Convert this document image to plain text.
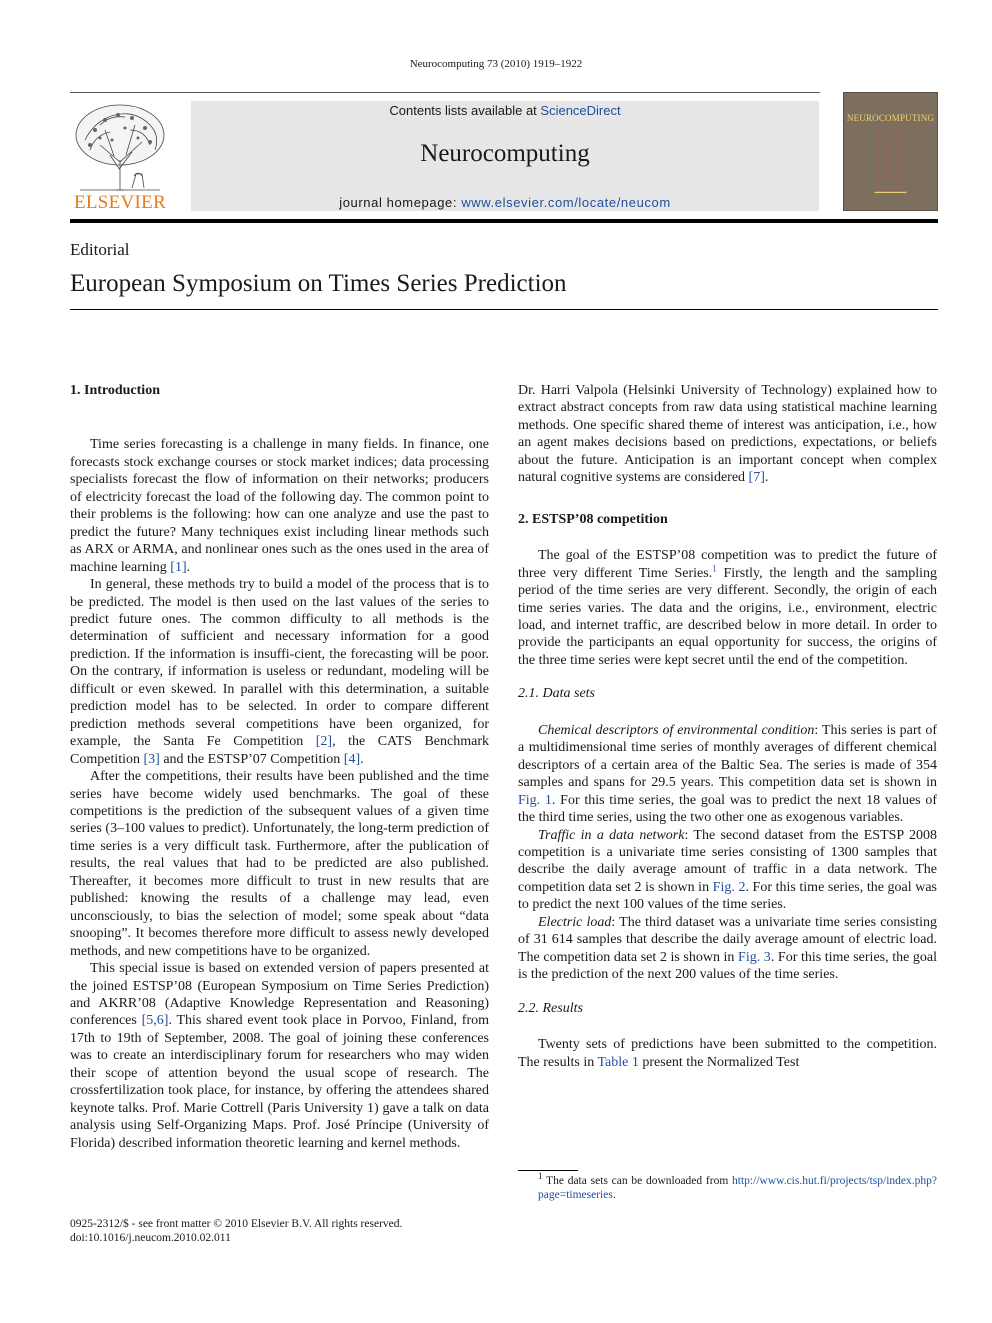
Neurocomputing 73 (2010) 1919–1922
ELSEVIER
Contents lists available at ScienceDirect
Neurocomputing
journal homepage: www.elsevier.com/locate/neucom
NEUROCOMPUTING
▬▬▬▬▬▬▬▬
Editorial
European Symposium on Times Series Prediction
1. Introduction

Time series forecasting is a challenge in many fields. In finance, one forecasts stock exchange courses or stock market indices; data processing specialists forecast the flow of information on their networks; producers of electricity forecast the load of the following day. The common point to their problems is the following: how can one analyze and use the past to predict the future? Many techniques exist including linear methods such as ARX or ARMA, and nonlinear ones such as the ones used in the area of machine learning [1].

In general, these methods try to build a model of the process that is to be predicted. The model is then used on the last values of the series to predict future ones. The common difficulty to all methods is the determination of sufficient and necessary information for a good prediction. If the information is insuffi-cient, the forecasting will be poor. On the contrary, if information is useless or redundant, modeling will be difficult or even skewed. In parallel with this determination, a suitable prediction model has to be selected. In order to compare different prediction methods several competitions have been organized, for example, the Santa Fe Competition [2], the CATS Benchmark Competition [3] and the ESTSP’07 Competition [4].

After the competitions, their results have been published and the time series have become widely used benchmarks. The goal of these competitions is the prediction of the subsequent values of a given time series (3–100 values to predict). Unfortunately, the long-term prediction of time series is a very difficult task. Furthermore, after the publication of results, the real values that had to be predicted are also published. Thereafter, it becomes more difficult to trust in new results that are published: knowing the results of a challenge may lead, even unconsciously, to bias the selection of model; some speak about “data snooping”. It becomes therefore more difficult to assess newly developed methods, and new competitions have to be organized.

This special issue is based on extended version of papers presented at the joined ESTSP’08 (European Symposium on Time Series Prediction) and AKRR’08 (Adaptive Knowledge Representation and Reasoning) conferences [5,6]. This shared event took place in Porvoo, Finland, from 17th to 19th of September, 2008. The goal of joining these conferences was to create an interdisciplinary forum for researchers who may widen their scope of attention beyond the usual scope of research. The crossfertilization took place, for instance, by offering the attendees shared keynote talks. Prof. Marie Cottrell (Paris University 1) gave a talk on data analysis using Self-Organizing Maps. Prof. José Príncipe (University of Florida) described information theoretic learning and kernel methods.

Dr. Harri Valpola (Helsinki University of Technology) explained how to extract abstract concepts from raw data using statistical machine learning methods. One specific shared theme of interest was anticipation, i.e., how an agent makes decisions based on predictions, expectations, or beliefs about the future. Anticipation is an important concept when complex natural cognitive systems are considered [7].

2. ESTSP’08 competition

The goal of the ESTSP’08 competition was to predict the future of three very different Time Series.$^1$ Firstly, the length and the sampling period of the time series are very different. Secondly, the origin of each time series varies. The data and the origins, i.e., environment, electric load, and internet traffic, are described below in more detail. In order to provide the participants an equal opportunity for success, the origins of the three time series were kept secret until the end of the competition.

2.1. Data sets

Chemical descriptors of environmental condition: This series is part of a multidimensional time series of monthly averages of different chemical descriptors of a certain area of the Baltic Sea. The series is made of 354 samples and spans for 29.5 years. This competition data set is shown in Fig. 1. For this time series, the goal was to predict the next 18 values of the third time series, using the two other one as exogenous variables.

Traffic in a data network: The second dataset from the ESTSP 2008 competition is a univariate time series consisting of 1300 samples that describe the daily average amount of traffic in a data network. The competition data set 2 is shown in Fig. 2. For this time series, the goal was to predict the next 100 values of the time series.

Electric load: The third dataset was a univariate time series consisting of 31 614 samples that describe the daily average amount of electric load. The competition data set 2 is shown in Fig. 3. For this time series, the goal is the prediction of the next 200 values of the time series.

2.2. Results

Twenty sets of predictions have been submitted to the competition. The results in Table 1 present the Normalized Test

$^1$ The data sets can be downloaded from http://www.cis.hut.fi/projects/tsp/index.php?page=timeseries.
0925-2312/$ - see front matter © 2010 Elsevier B.V. All rights reserved.
doi:10.1016/j.neucom.2010.02.011
